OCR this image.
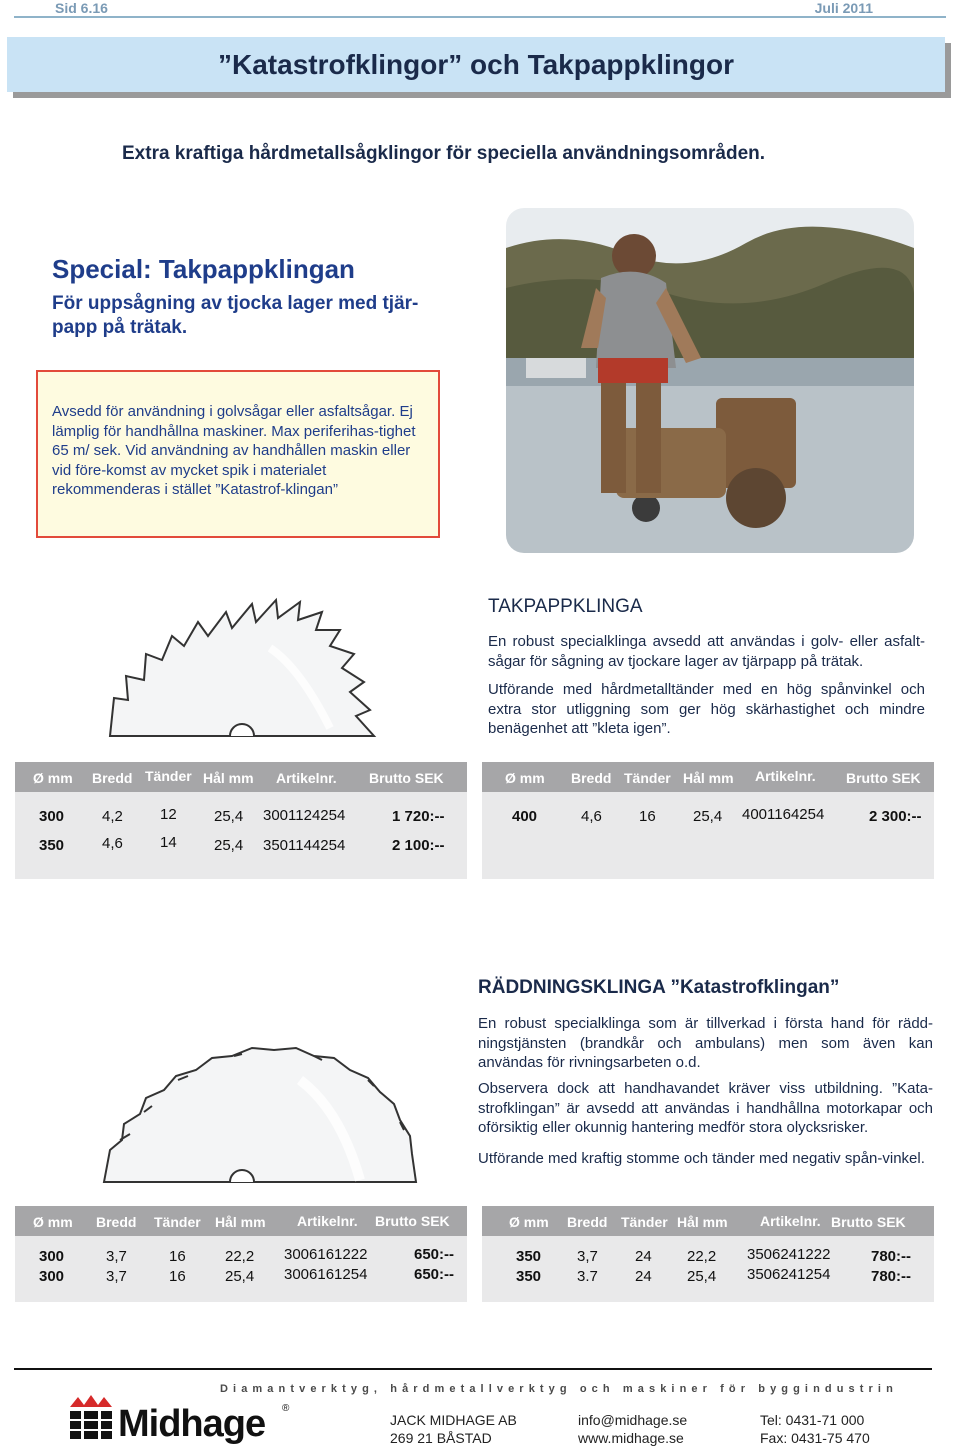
Sid 6.16	Juli 2011
”Katastrofklingor” och Takpappklingor
Extra kraftiga hårdmetallsågklingor för speciella användningsområden.
Special: Takpappklingan
För uppsågning av tjocka lager med tjär-papp på trätak.

Avsedd för användning i golvsågar eller asfaltsågar. Ej lämplig för handhållna maskiner. Max periferihas-tighet 65 m/ sek. Vid användning av handhållen maskin eller vid före-komst av mycket spik i materialet rekommenderas i stället ”Katastrof-klingan”

TAKPAPPKLINGA
En robust specialklinga avsedd att användas i golv- eller asfalt-sågar för sågning av tjockare lager av tjärpapp på trätak.
Utförande med hårdmetalltänder med en hög spånvinkel och extra stor utliggning som ger hög skärhastighet och mindre benägenhet att ”kleta igen”.
Ø mm Bredd Tänder Hål mm Artikelnr. Brutto SEK
300	4,2 12 25,4 3001124254	1 720:--
350	4,6 14 25,4 3501144254	2 100:--
Ø mm Bredd Tänder Hål mm Artikelnr. Brutto SEK
400	4,6 16 25,4 4001164254	2 300:--
RÄDDNINGSKLINGA ”Katastrofklingan”
En robust specialklinga som är tillverkad i första hand för rädd-ningstjänsten (brandkår och ambulans) men som även kan användas för rivningsarbeten o.d.
Observera dock att handhavandet kräver viss utbildning. ”Kata-strofklingan” är avsedd att användas i handhållna motorkapar och oförsiktig eller okunnig hantering medför stora olycksrisker.
Utförande med kraftig stomme och tänder med negativ spån-vinkel.
Ø mm Bredd Tänder Hål mm Artikelnr. Brutto SEK
300	3,7	16	22,2 3006161222	650:--
300	3,7	16	25,4 3006161254	650:--
Ø mm Bredd Tänder Hål mm Artikelnr. Brutto SEK
350 3,7 24 22,2 3506241222	780:--
350 3.7 24 25,4 3506241254	780:--
Diamantverktyg, hårdmetallverktyg och maskiner för byggindustrin
Midhage ®
JACK MIDHAGE AB
269 21 BÅSTAD
info@midhage.se
www.midhage.se
Tel: 0431-71 000
Fax: 0431-75 470
